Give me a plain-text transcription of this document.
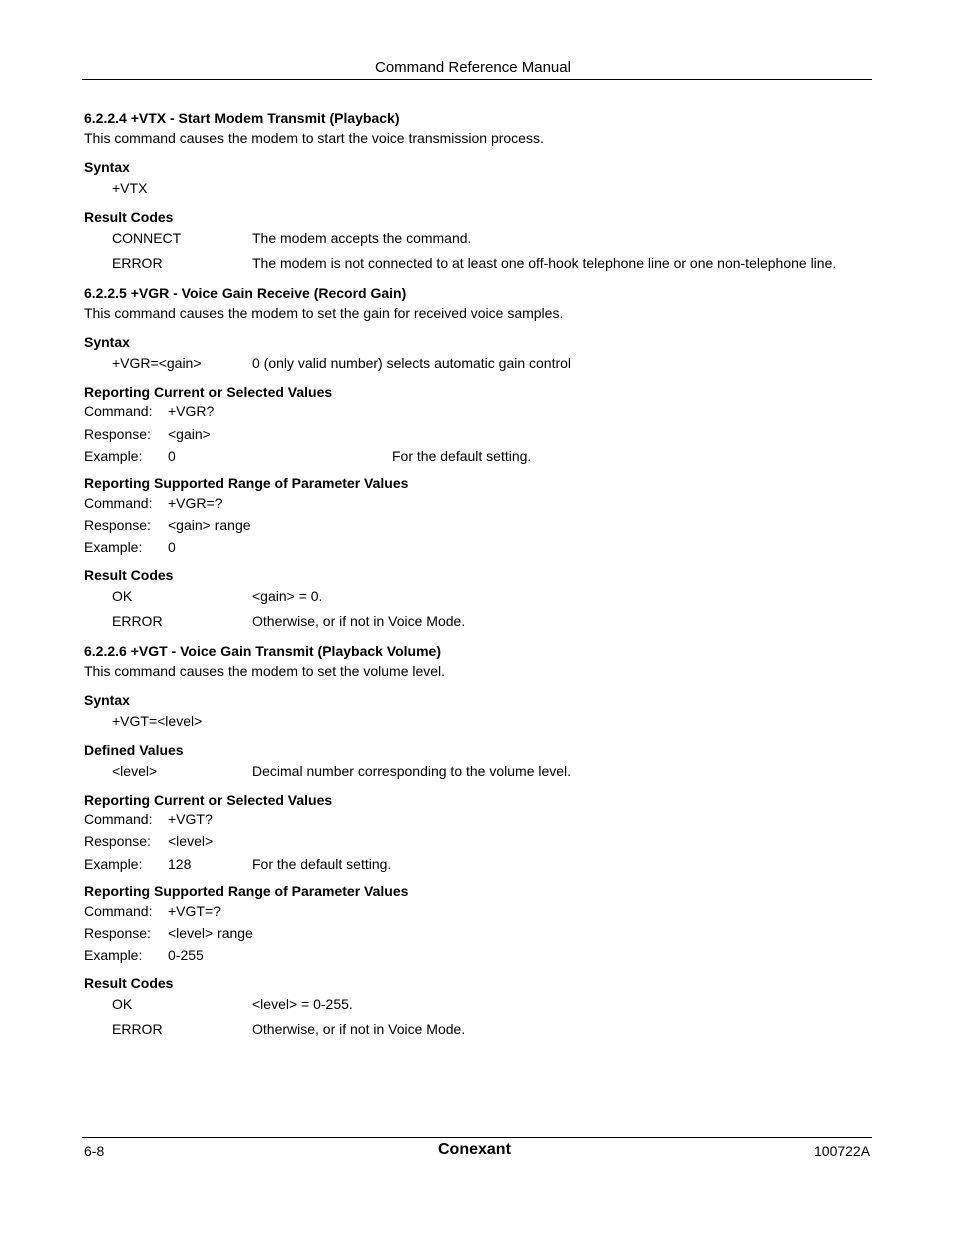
Command Reference Manual
6.2.2.4 +VTX - Start Modem Transmit (Playback)
This command causes the modem to start the voice transmission process.
Syntax
+VTX
Result Codes
CONNECT	The modem accepts the command.
ERROR	The modem is not connected to at least one off-hook telephone line or one non-telephone line.
6.2.2.5 +VGR - Voice Gain Receive (Record Gain)
This command causes the modem to set the gain for received voice samples.
Syntax
+VGR=<gain>	0 (only valid number) selects automatic gain control
Reporting Current or Selected Values
Command: +VGR?
Response: <gain>
Example: 0	For the default setting.
Reporting Supported Range of Parameter Values
Command: +VGR=?
Response: <gain> range
Example: 0
Result Codes
OK	<gain> = 0.
ERROR	Otherwise, or if not in Voice Mode.
6.2.2.6 +VGT - Voice Gain Transmit (Playback Volume)
This command causes the modem to set the volume level.
Syntax
+VGT=<level>
Defined Values
<level>	Decimal number corresponding to the volume level.
Reporting Current or Selected Values
Command: +VGT?
Response: <level>
Example: 128	For the default setting.
Reporting Supported Range of Parameter Values
Command: +VGT=?
Response: <level> range
Example: 0-255
Result Codes
OK	<level> = 0-255.
ERROR	Otherwise, or if not in Voice Mode.
6-8	Conexant	100722A
